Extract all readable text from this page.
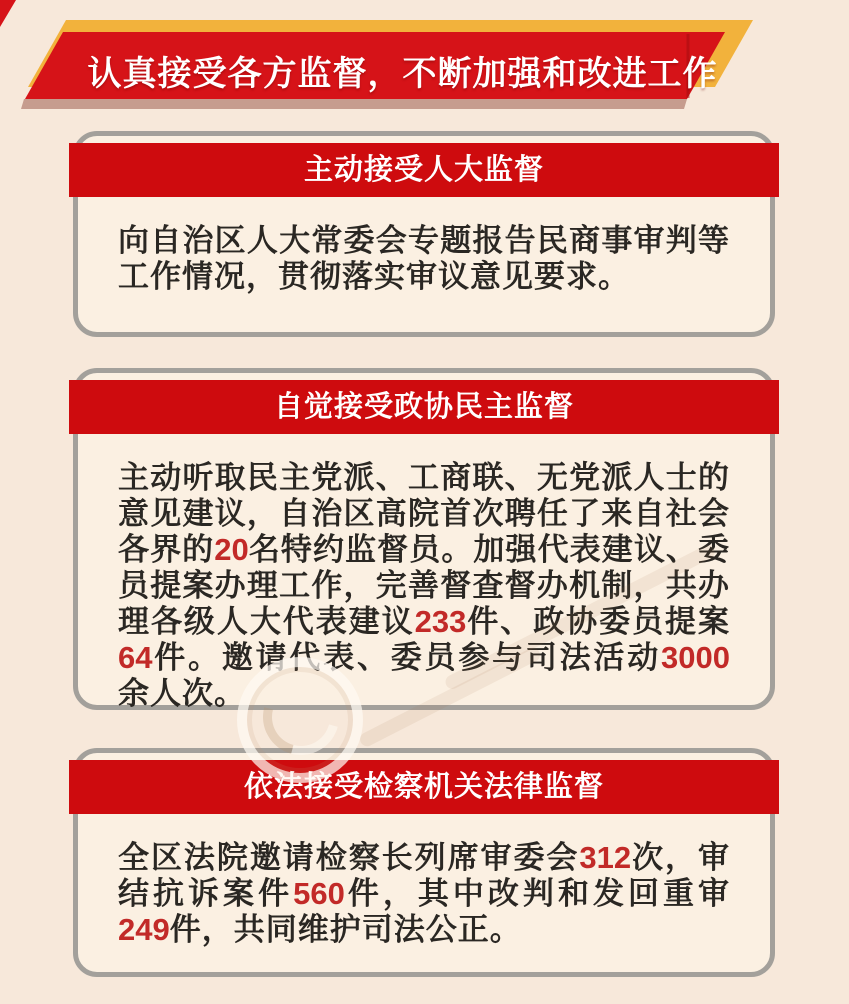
认真接受各方监督，不断加强和改进工作
主动接受人大监督
向自治区人大常委会专题报告民商事审判等工作情况，贯彻落实审议意见要求。
自觉接受政协民主监督
主动听取民主党派、工商联、无党派人士的意见建议，自治区高院首次聘任了来自社会各界的20名特约监督员。加强代表建议、委员提案办理工作，完善督查督办机制，共办理各级人大代表建议233件、政协委员提案64件。邀请代表、委员参与司法活动3000余人次。
依法接受检察机关法律监督
全区法院邀请检察长列席审委会312次，审结抗诉案件560件，其中改判和发回重审249件，共同维护司法公正。
